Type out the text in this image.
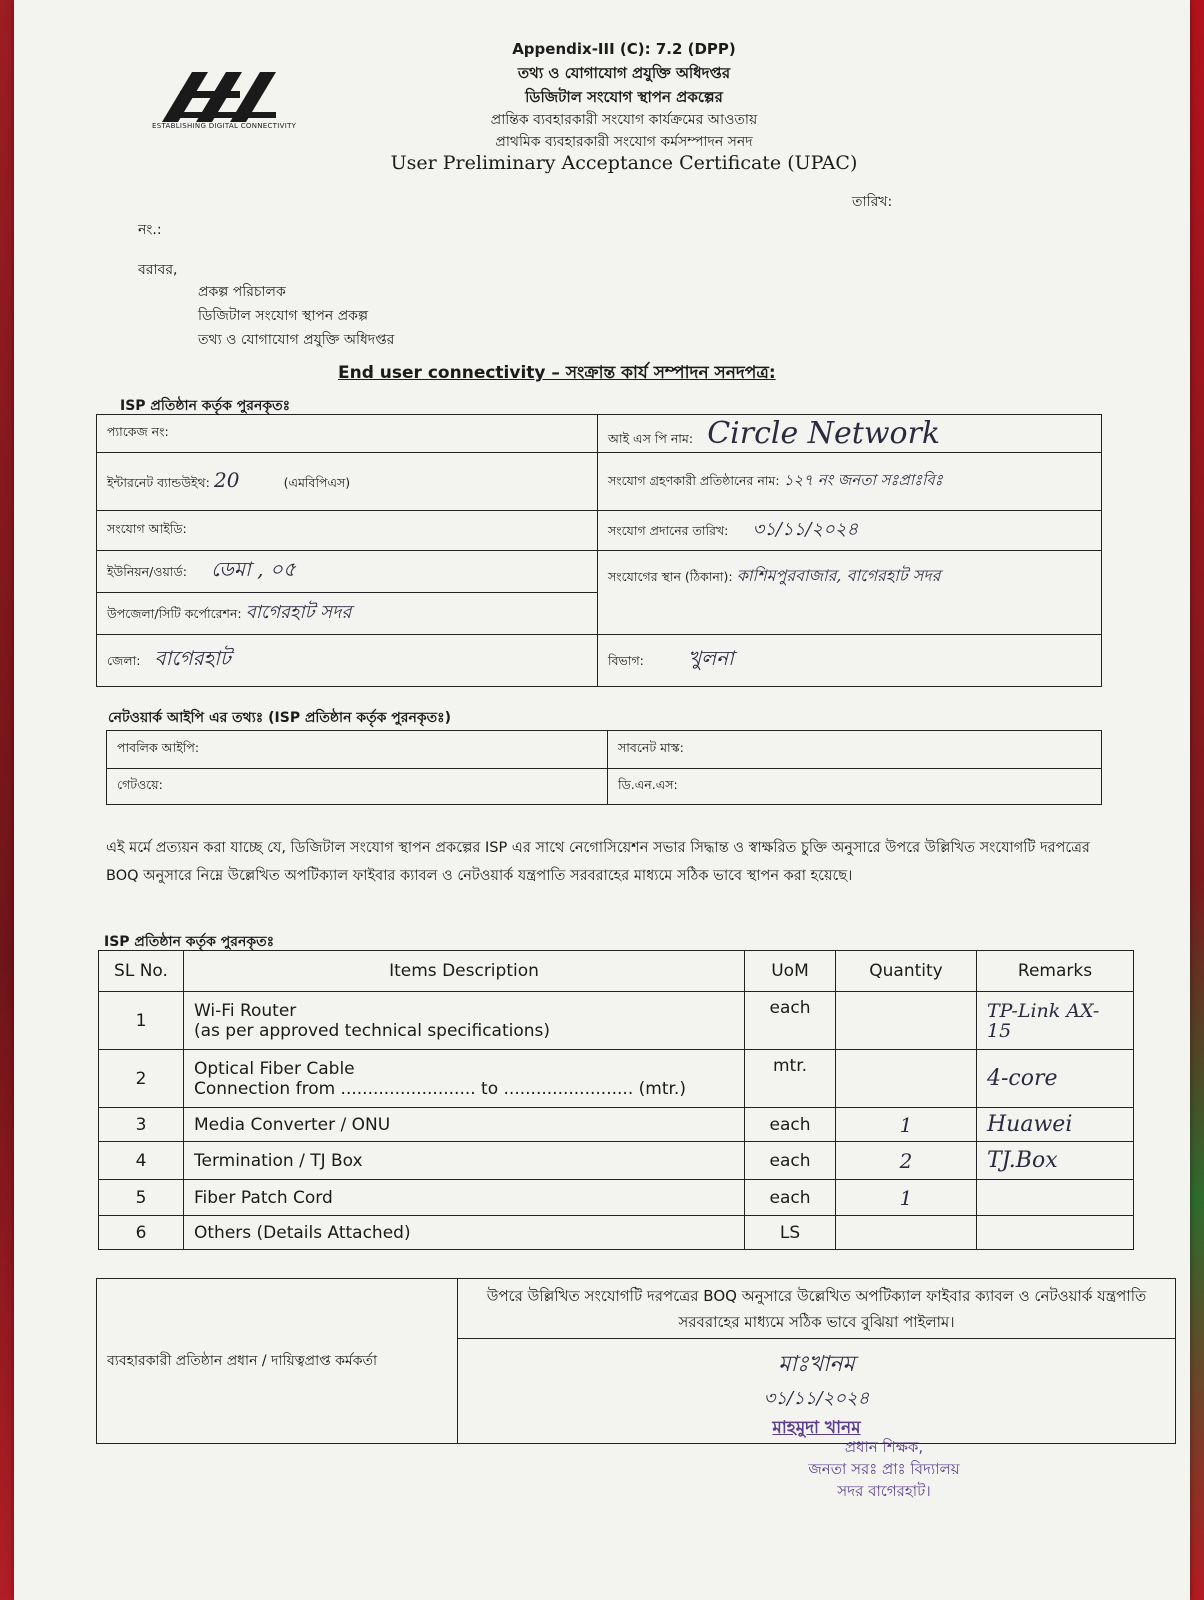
ESTABLISHING DIGITAL CONNECTIVITY
Appendix-III (C): 7.2 (DPP)
তথ্য ও যোগাযোগ প্রযুক্তি অধিদপ্তর
ডিজিটাল সংযোগ স্থাপন প্রকল্পের
প্রান্তিক ব্যবহারকারী সংযোগ কার্যক্রমের আওতায়
প্রাথমিক ব্যবহারকারী সংযোগ কর্মসম্পাদন সনদ
User Preliminary Acceptance Certificate (UPAC)
তারিখ:
নং.:
বরাবর,
প্রকল্প পরিচালক
ডিজিটাল সংযোগ স্থাপন প্রকল্প
তথ্য ও যোগাযোগ প্রযুক্তি অধিদপ্তর
End user connectivity – সংক্রান্ত কার্য সম্পাদন সনদপত্র:
ISP প্রতিষ্ঠান কর্তৃক পুরনকৃতঃ
প্যাকেজ নং:	আই এস পি নাম: Circle Network
ইন্টারনেট ব্যান্ডউইথ: 20 (এমবিপিএস)	সংযোগ গ্রহণকারী প্রতিষ্ঠানের নাম: ১২৭ নং জনতা সঃপ্রাঃবিঃ
সংযোগ আইডি:	সংযোগ প্রদানের তারিখ: ৩১/১১/২০২৪
ইউনিয়ন/ওয়ার্ড: ডেমা , ০৫	সংযোগের স্থান (ঠিকানা): কাশিমপুরবাজার, বাগেরহাট সদর
উপজেলা/সিটি কর্পোরেশন: বাগেরহাট সদর	
জেলা: বাগেরহাট	বিভাগ: খুলনা
নেটওয়ার্ক আইপি এর তথ্যঃ (ISP প্রতিষ্ঠান কর্তৃক পুরনকৃতঃ)
পাবলিক আইপি:	সাবনেট মাস্ক:
গেটওয়ে:	ডি.এন.এস:
এই মর্মে প্রত্যয়ন করা যাচ্ছে যে, ডিজিটাল সংযোগ স্থাপন প্রকল্পের ISP এর সাথে নেগোসিয়েশন সভার সিদ্ধান্ত ও স্বাক্ষরিত চুক্তি অনুসারে উপরে উল্লিখিত সংযোগটি দরপত্রের BOQ অনুসারে নিম্নে উল্লেখিত অপটিক্যাল ফাইবার ক্যাবল ও নেটওয়ার্ক যন্ত্রপাতি সরবরাহের মাধ্যমে সঠিক ভাবে স্থাপন করা হয়েছে।
ISP প্রতিষ্ঠান কর্তৃক পুরনকৃতঃ
SL No.	Items Description	UoM	Quantity	Remarks
1	Wi-Fi Router
(as per approved technical specifications)	each		TP-Link AX-15
2	Optical Fiber Cable
Connection from ......................... to ........................ (mtr.)	mtr.		4-core
3	Media Converter / ONU	each	1	Huawei
4	Termination / TJ Box	each	2	TJ.Box
5	Fiber Patch Cord	each	1	
6	Others (Details Attached)	LS		
ব্যবহারকারী প্রতিষ্ঠান প্রধান / দায়িত্বপ্রাপ্ত কর্মকর্তা	উপরে উল্লিখিত সংযোগটি দরপত্রের BOQ অনুসারে উল্লেখিত অপটিক্যাল ফাইবার ক্যাবল ও নেটওয়ার্ক যন্ত্রপাতি সরবরাহের মাধ্যমে সঠিক ভাবে বুঝিয়া পাইলাম।

মাঃখানম
৩১/১১/২০২৪
মাহমুদা খানম
প্রধান শিক্ষক,
জনতা সরঃ প্রাঃ বিদ্যালয়
সদর বাগেরহাট।
